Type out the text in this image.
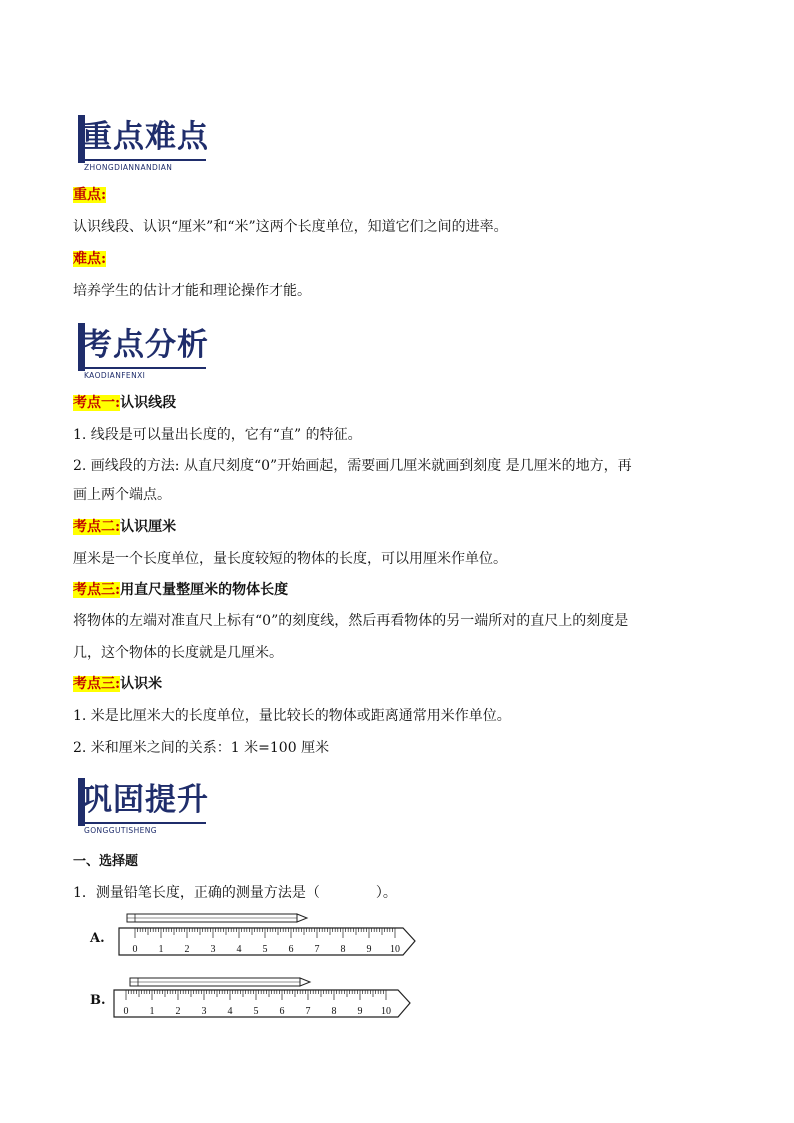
重点难点
ZHONGDIANNANDIAN
重点:
认识线段、认识“厘米”和“米”这两个长度单位，知道它们之间的进率。
难点:
培养学生的估计才能和理论操作才能。
考点分析
KAODIANFENXI
考点一:认识线段
1. 线段是可以量出长度的，它有“直” 的特征。
2. 画线段的方法: 从直尺刻度“0”开始画起，需要画几厘米就画到刻度 是几厘米的地方，再
画上两个端点。
考点二:认识厘米
厘米是一个长度单位，量长度较短的物体的长度，可以用厘米作单位。
考点三:用直尺量整厘米的物体长度
将物体的左端对准直尺上标有“0”的刻度线，然后再看物体的另一端所对的直尺上的刻度是
几，这个物体的长度就是几厘米。
考点三:认识米
1. 米是比厘米大的长度单位，量比较长的物体或距离通常用米作单位。
2. 米和厘米之间的关系：1 米=100 厘米
巩固提升
GONGGUTISHENG
一、选择题
1．测量铅笔长度，正确的测量方法是（　　　　）。
A.
0 1 2 3 4 5 6 7 8 9 10
B.
0 1 2 3 4 5 6 7 8 9 10
